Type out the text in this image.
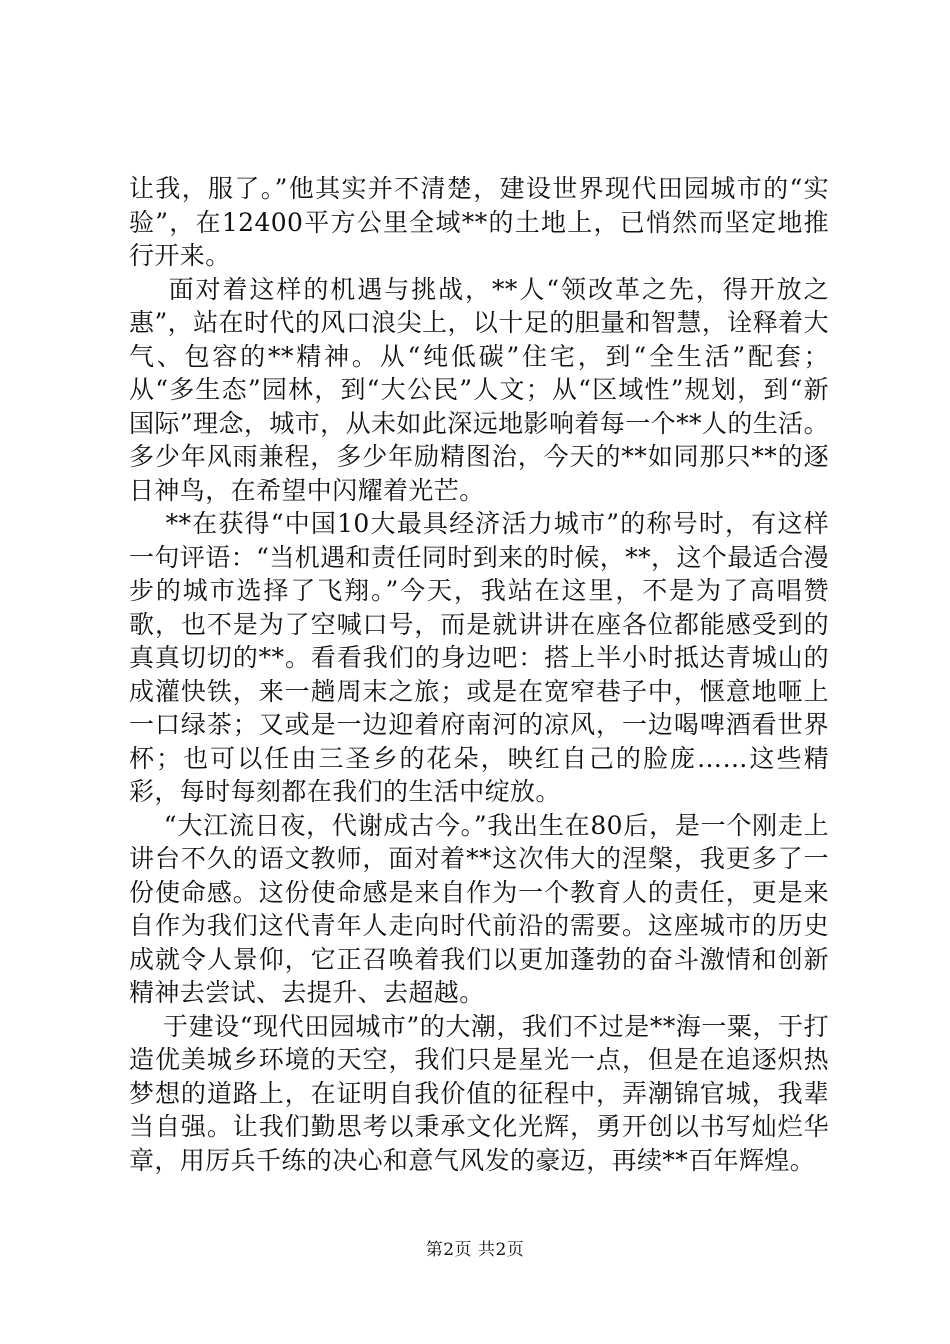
让我，服了。”他其实并不清楚，建设世界现代田园城市的“实验”，在12400平方公里全域**的土地上，已悄然而坚定地推行开来。

面对着这样的机遇与挑战，**人“领改革之先，得开放之惠”，站在时代的风口浪尖上，以十足的胆量和智慧，诠释着大气、包容的**精神。从“纯低碳”住宅，到“全生活”配套；从“多生态”园林，到“大公民”人文；从“区域性”规划，到“新国际”理念，城市，从未如此深远地影响着每一个**人的生活。多少年风雨兼程，多少年励精图治，今天的**如同那只**的逐日神鸟，在希望中闪耀着光芒。

**在获得“中国10大最具经济活力城市”的称号时，有这样一句评语：“当机遇和责任同时到来的时候，**，这个最适合漫步的城市选择了飞翔。”今天，我站在这里，不是为了高唱赞歌，也不是为了空喊口号，而是就讲讲在座各位都能感受到的真真切切的**。看看我们的身边吧：搭上半小时抵达青城山的成灌快铁，来一趟周末之旅；或是在宽窄巷子中，惬意地咂上一口绿茶；又或是一边迎着府南河的凉风，一边喝啤酒看世界杯；也可以任由三圣乡的花朵，映红自己的脸庞……这些精彩，每时每刻都在我们的生活中绽放。

“大江流日夜，代谢成古今。”我出生在80后，是一个刚走上讲台不久的语文教师，面对着**这次伟大的涅槃，我更多了一份使命感。这份使命感是来自作为一个教育人的责任，更是来自作为我们这代青年人走向时代前沿的需要。这座城市的历史成就令人景仰，它正召唤着我们以更加蓬勃的奋斗激情和创新精神去尝试、去提升、去超越。

于建设“现代田园城市”的大潮，我们不过是**海一粟，于打造优美城乡环境的天空，我们只是星光一点，但是在追逐炽热梦想的道路上，在证明自我价值的征程中，弄潮锦官城，我辈当自强。让我们勤思考以秉承文化光辉，勇开创以书写灿烂华章，用厉兵千练的决心和意气风发的豪迈，再续**百年辉煌。

第2页 共2页
